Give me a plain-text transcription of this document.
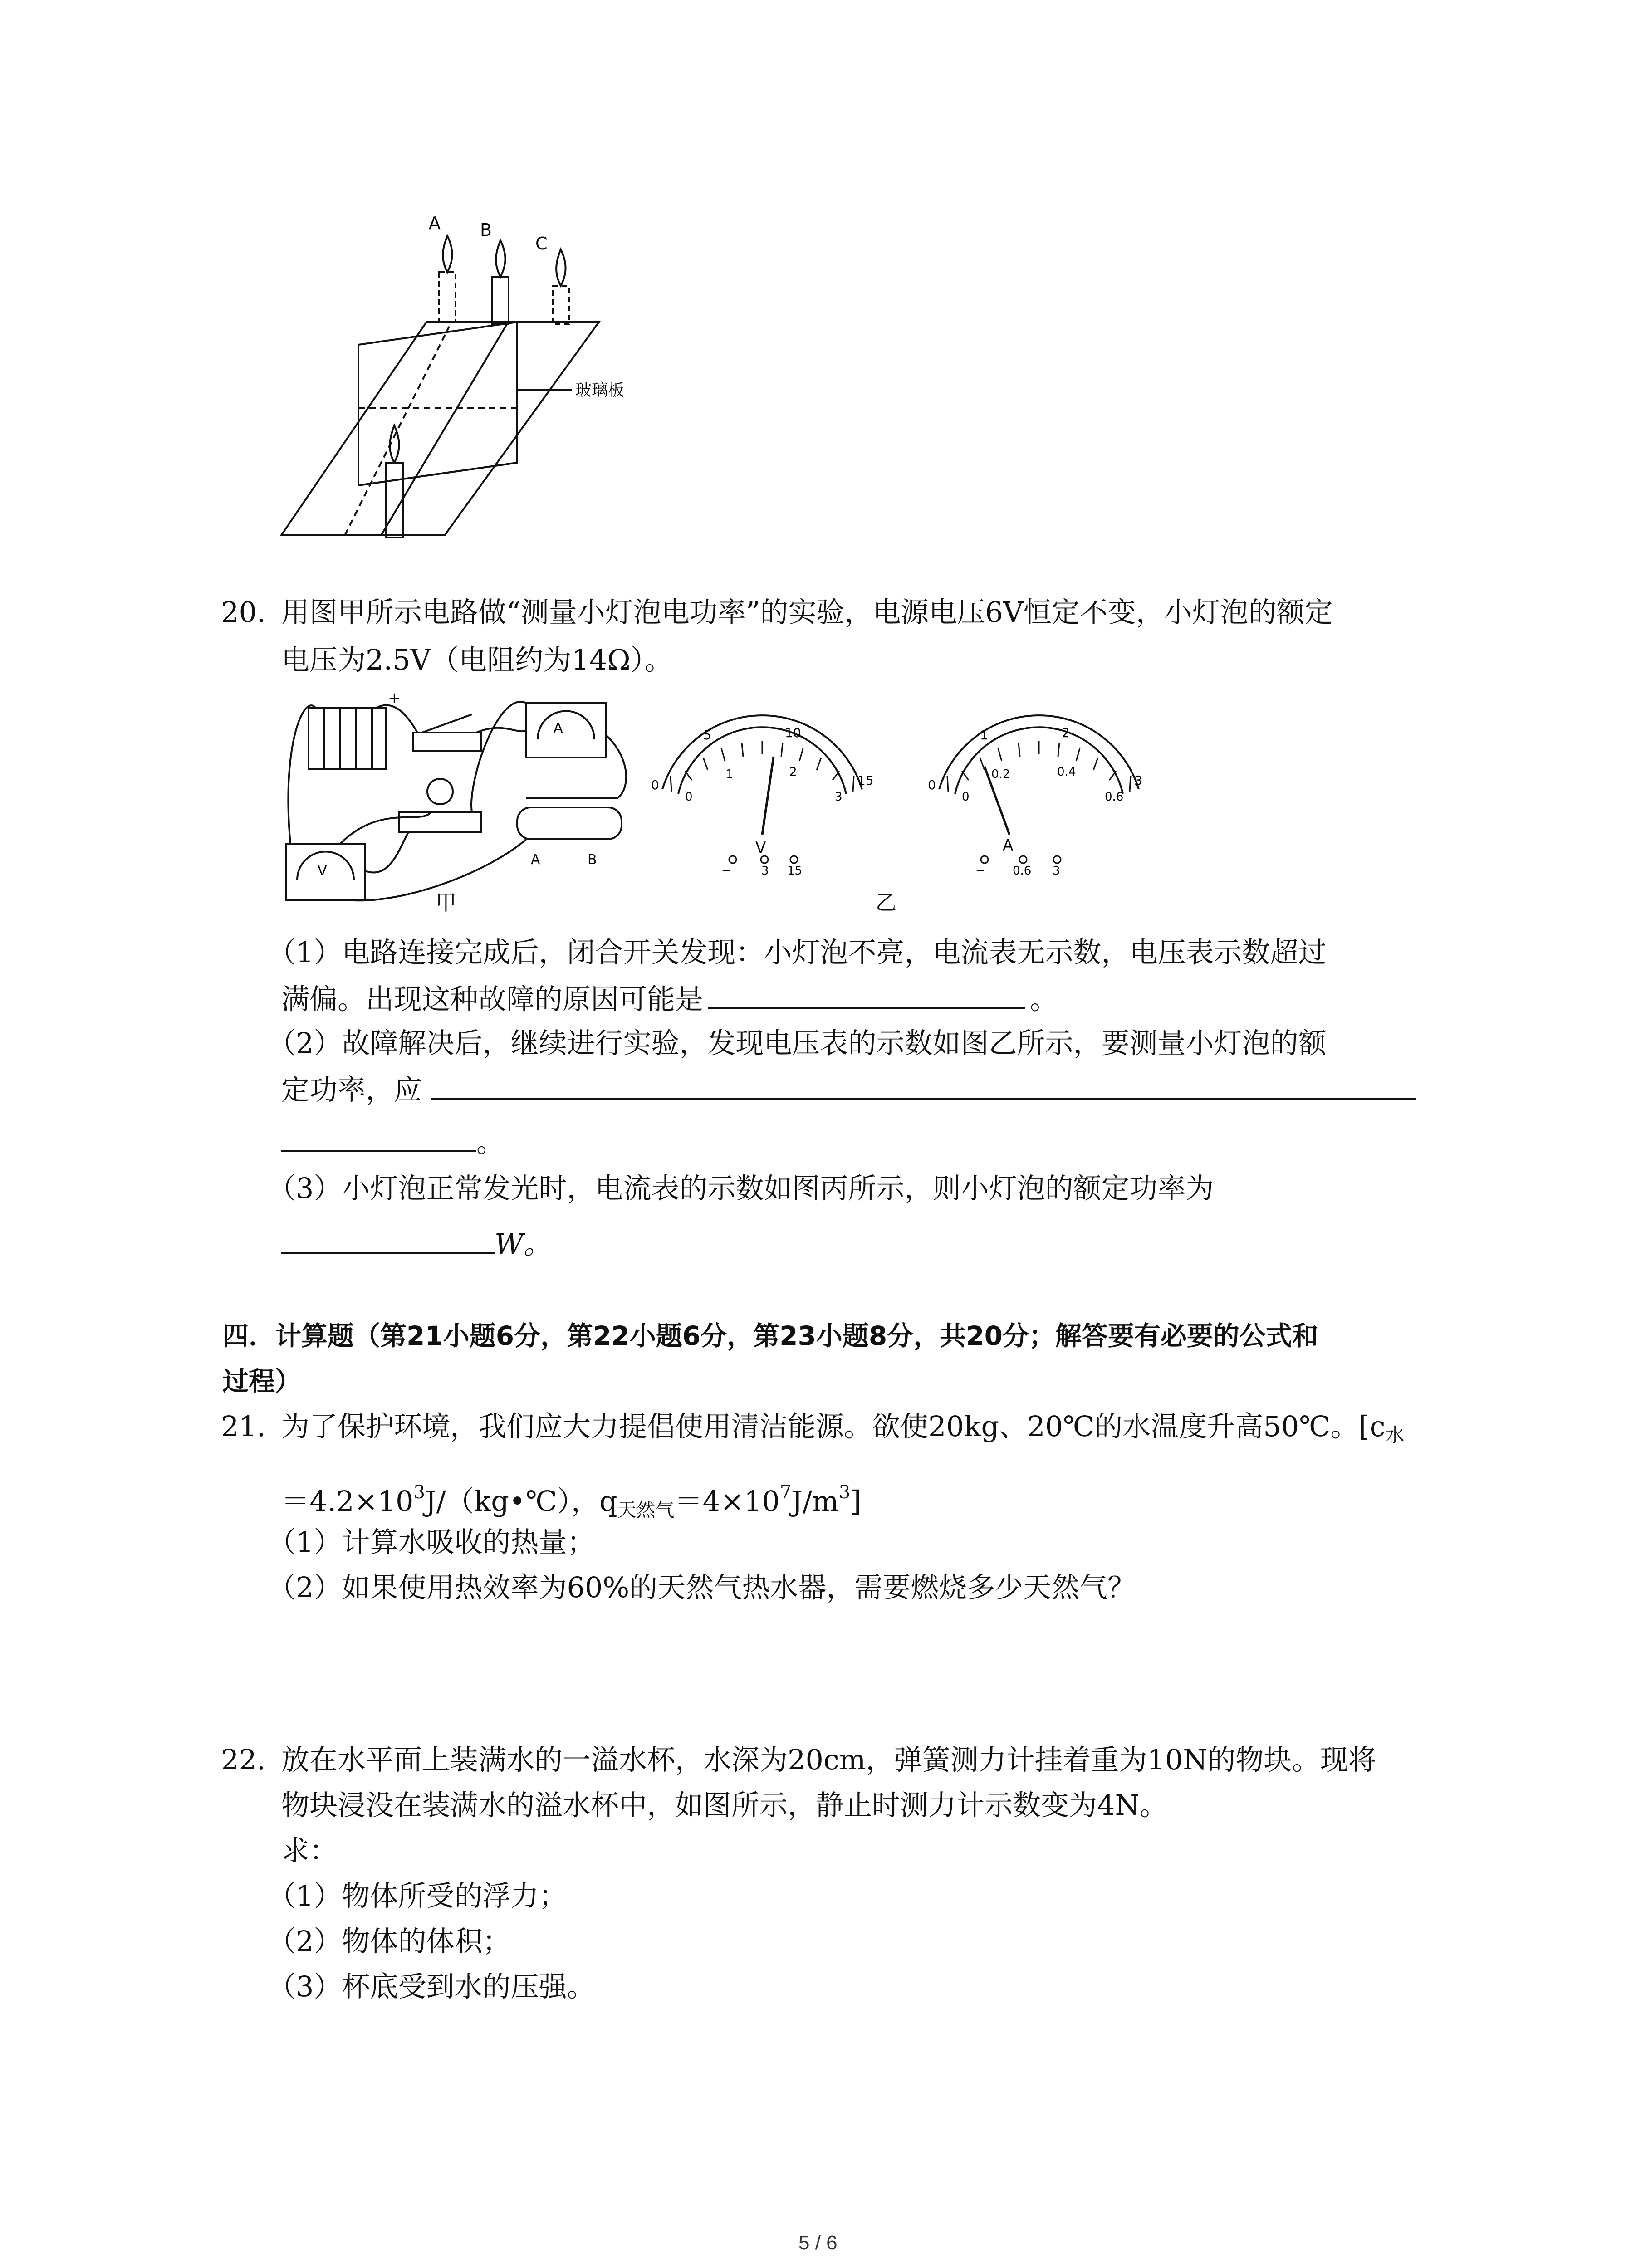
A B
C
玻璃板
20. 用图甲所示电路做“测量小灯泡电功率”的实验，电源电压6V恒定不变，小灯泡的额定
电压为2.5V（电阻约为14Ω）。
+
A	B
A
V
甲
0
5	10
15
0
1	2
3
V
−	3 15
0
1	2
3
0
0.2	0.4
0.6
A
− 0.6 3
乙
（1）电路连接完成后，闭合开关发现：小灯泡不亮，电流表无示数，电压表示数超过
满偏。出现这种故障的原因可能是	。
（2）故障解决后，继续进行实验，发现电压表的示数如图乙所示，要测量小灯泡的额
定功率，应
。
（3）小灯泡正常发光时，电流表的示数如图丙所示，则小灯泡的额定功率为
W。
四．计算题（第21小题6分，第22小题6分，第23小题8分，共20分；解答要有必要的公式和
过程）
21. 为了保护环境，我们应大力提倡使用清洁能源。欲使20kg、20℃的水温度升高50℃。[$c_水$
$=4.2\times 10^3J/(kg•℃)$，$q_{天然气}=4\times 10^7J/m^3$]
（1）计算水吸收的热量；
（2）如果使用热效率为60%的天然气热水器，需要燃烧多少天然气？
22. 放在水平面上装满水的一溢水杯，水深为20cm，弹簧测力计挂着重为10N的物块。现将
物块浸没在装满水的溢水杯中，如图所示，静止时测力计示数变为4N。
求：
（1）物体所受的浮力；
（2）物体的体积；
（3）杯底受到水的压强。
5 / 6
